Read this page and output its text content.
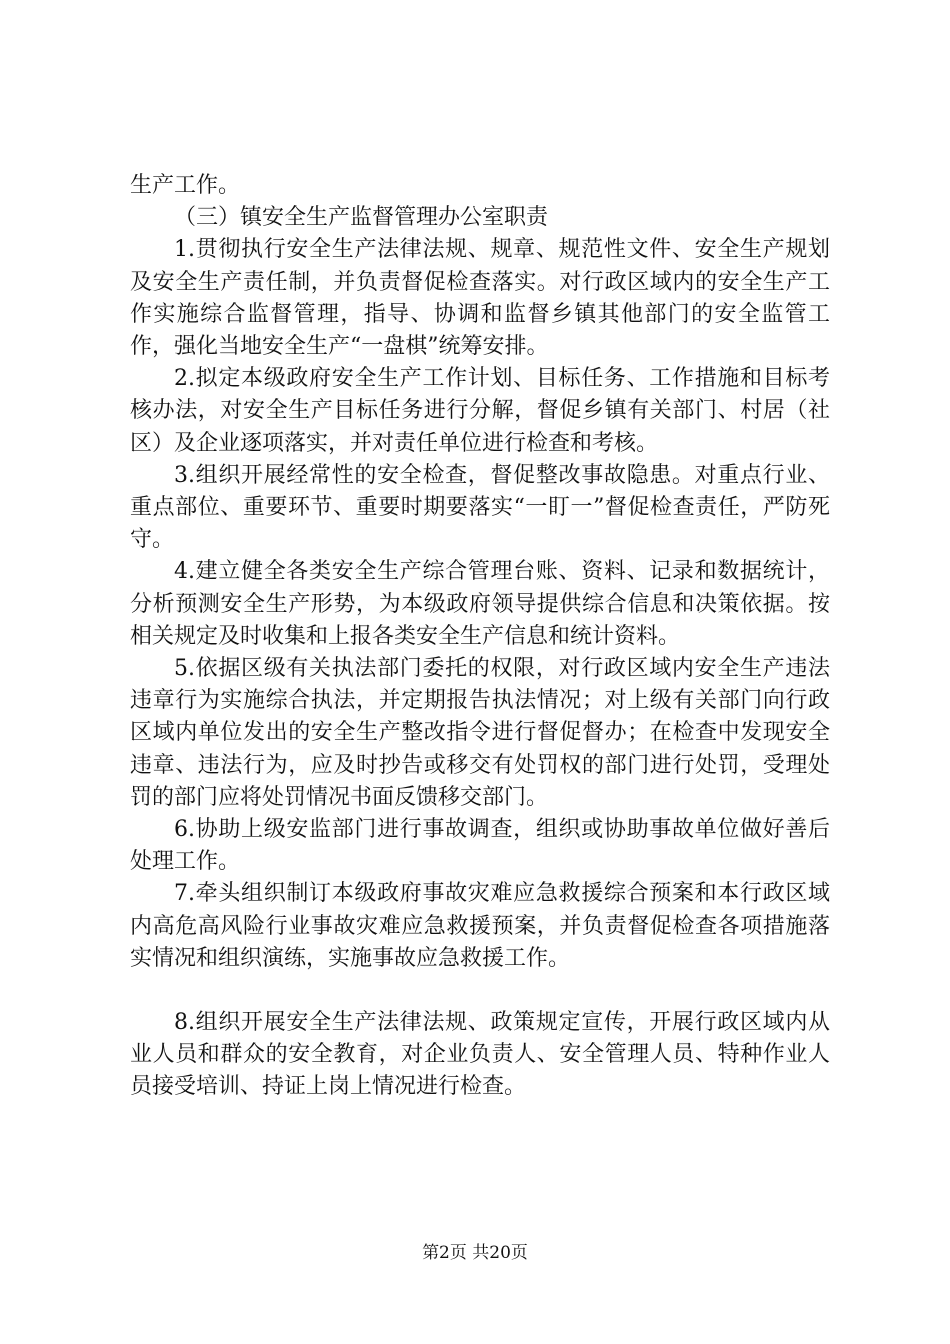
生产工作。

（三）镇安全生产监督管理办公室职责

1.贯彻执行安全生产法律法规、规章、规范性文件、安全生产规划及安全生产责任制，并负责督促检查落实。对行政区域内的安全生产工作实施综合监督管理，指导、协调和监督乡镇其他部门的安全监管工作，强化当地安全生产“一盘棋”统筹安排。

2.拟定本级政府安全生产工作计划、目标任务、工作措施和目标考核办法，对安全生产目标任务进行分解，督促乡镇有关部门、村居（社区）及企业逐项落实，并对责任单位进行检查和考核。

3.组织开展经常性的安全检查，督促整改事故隐患。对重点行业、重点部位、重要环节、重要时期要落实“一盯一”督促检查责任，严防死守。

4.建立健全各类安全生产综合管理台账、资料、记录和数据统计，分析预测安全生产形势，为本级政府领导提供综合信息和决策依据。按相关规定及时收集和上报各类安全生产信息和统计资料。

5.依据区级有关执法部门委托的权限，对行政区域内安全生产违法违章行为实施综合执法，并定期报告执法情况；对上级有关部门向行政区域内单位发出的安全生产整改指令进行督促督办；在检查中发现安全违章、违法行为，应及时抄告或移交有处罚权的部门进行处罚，受理处罚的部门应将处罚情况书面反馈移交部门。

6.协助上级安监部门进行事故调查，组织或协助事故单位做好善后处理工作。

7.牵头组织制订本级政府事故灾难应急救援综合预案和本行政区域内高危高风险行业事故灾难应急救援预案，并负责督促检查各项措施落实情况和组织演练，实施事故应急救援工作。

8.组织开展安全生产法律法规、政策规定宣传，开展行政区域内从业人员和群众的安全教育，对企业负责人、安全管理人员、特种作业人员接受培训、持证上岗上情况进行检查。

第2页 共20页
